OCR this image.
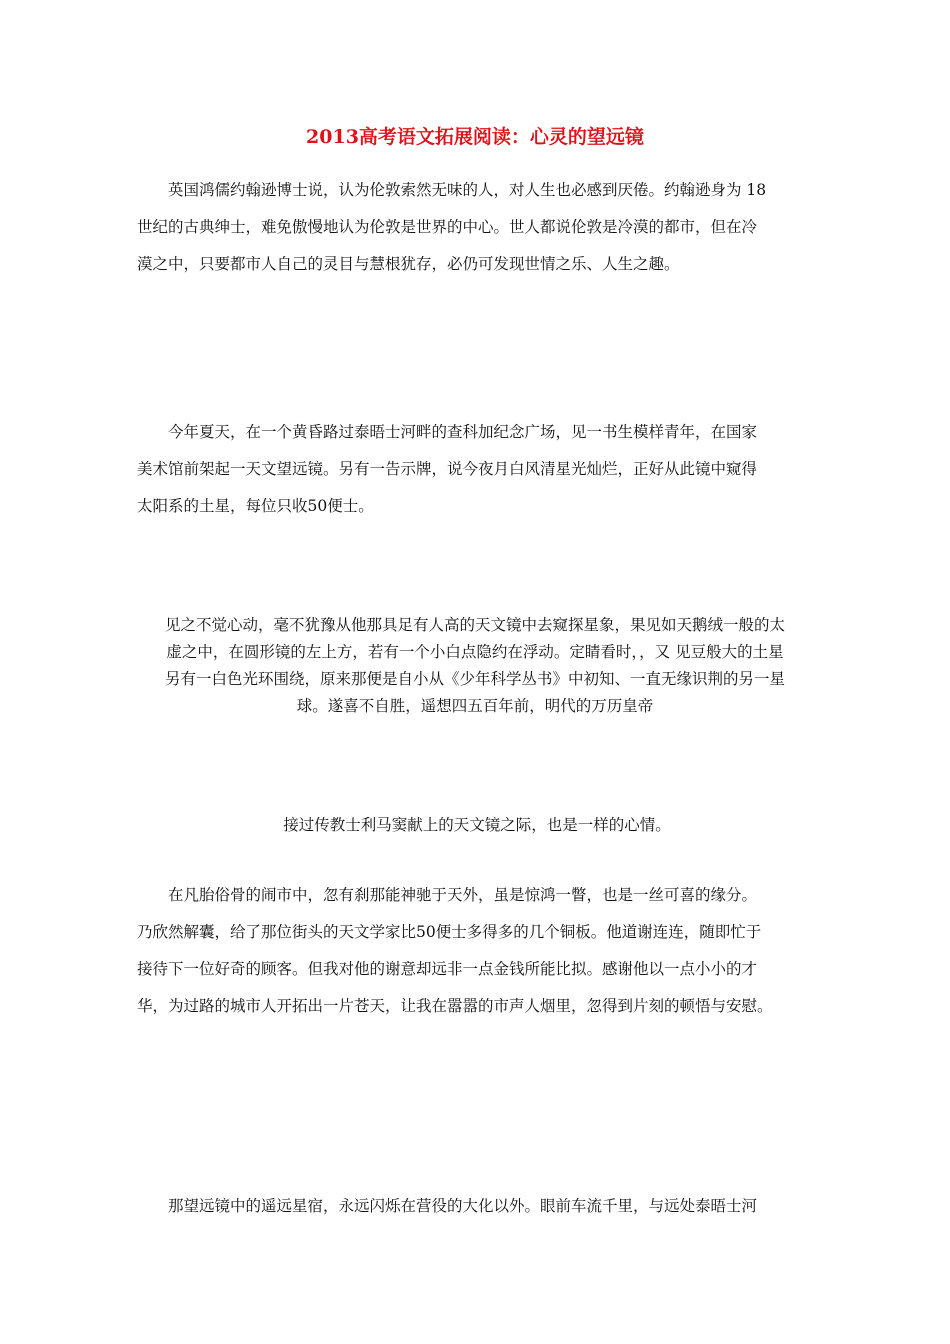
2013高考语文拓展阅读：心灵的望远镜
英国鸿儒约翰逊博士说，认为伦敦索然无味的人，对人生也必感到厌倦。约翰逊身为 18
世纪的古典绅士，难免傲慢地认为伦敦是世界的中心。世人都说伦敦是冷漠的都市，但在冷
漠之中，只要都市人自己的灵目与慧根犹存，必仍可发现世情之乐、人生之趣。
今年夏天，在一个黄昏路过泰晤士河畔的查科加纪念广场，见一书生模样青年，在国家
美术馆前架起一天文望远镜。另有一告示牌，说今夜月白风清星光灿烂，正好从此镜中窥得
太阳系的土星，每位只收50便士。
见之不觉心动，毫不犹豫从他那具足有人高的天文镜中去窥探星象，果见如天鹅绒一般的太
虚之中，在圆形镜的左上方，若有一个小白点隐约在浮动。定睛看时，，又 见豆般大的土星
另有一白色光环围绕，原来那便是自小从《少年科学丛书》中初知、一直无缘识荆的另一星
球。遂喜不自胜，遥想四五百年前，明代的万历皇帝
接过传教士利马窦献上的天文镜之际，也是一样的心情。
在凡胎俗骨的闹市中，忽有刹那能神驰于天外，虽是惊鸿一瞥，也是一丝可喜的缘分。
乃欣然解囊，给了那位街头的天文学家比50便士多得多的几个铜板。他道谢连连，随即忙于
接待下一位好奇的顾客。但我对他的谢意却远非一点金钱所能比拟。感谢他以一点小小的才
华，为过路的城市人开拓出一片苍天，让我在嚣嚣的市声人烟里，忽得到片刻的顿悟与安慰。
那望远镜中的遥远星宿，永远闪烁在营役的大化以外。眼前车流千里，与远处泰晤士河
